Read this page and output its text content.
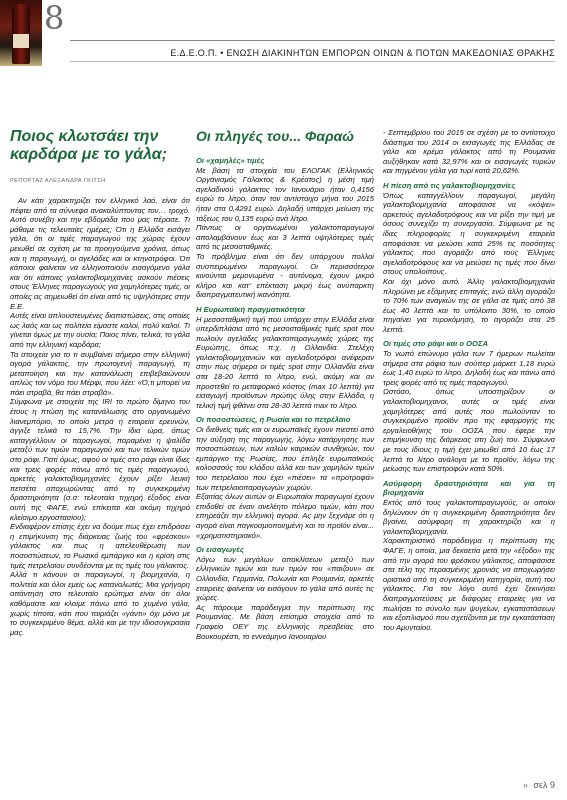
8
Ε.Δ.Ε.Ο.Π. • ΕΝΩΣΗ ΔΙΑΚΙΝΗΤΩΝ ΕΜΠΟΡΩΝ ΟΙΝΩΝ & ΠΟΤΩΝ ΜΑΚΕΔΟΝΙΑΣ ΘΡΑΚΗΣ
Ποιος κλωτσάει την καρδάρα με το γάλα;
ΡΕΠΟΡΤΑΖ ΑΛΕΞΑΝΔΡΑ ΓΚΙΤΣΗ

Αν κάτι χαρακτηρίζει τον ελληνικό λαό, είναι ότι πέφτει από τα σύννεφα ανακαλύπτοντας τον… τροχό. Αυτό συνέβη και την εβδομάδα που μας πέρασε. Τι μάθαμε τις τελευταίες ημέρες; Ότι η Ελλάδα εισάγει γάλα, ότι οι τιμές παραγωγού της χώρας έχουν μειωθεί σε σχέση με τα προηγούμενα χρόνια, όπως και η παραγωγή, οι αγελάδες και οι κτηνοτρόφοι. Ότι κάποιοι φαίνεται να ελληνοποιούν εισαγόμενο γάλα και ότι κάποιες γαλακτοβιομηχανίες ασκούν πιέσεις στους Έλληνες παραγωγούς για χαμηλότερες τιμές, οι οποίες ας σημειωθεί ότι είναι από τις υψηλότερες στην Ε.Ε.

Αυτές είναι απλουστευμένες διαπιστώσεις, στις οποίες ως λαός και ως πολίτεία είμαστε καλοί, πολύ καλοί. Τι γίνεται όμως με την ουσία; Ποιος πίνει, τελικά, το γάλα από την ελληνική καρδάρα;

Τα στοιχεία για το τι συμβαίνει σήμερα στην ελληνική αγορά γάλακτος, την πρωτογενή παραγωγή, τη μεταποίηση και την κατανάλωση επιβεβαιώνουν απλώς τον νόμο του Μέρφι, που λέει: «Ό,τι μπορεί να πάει στραβά, θα πάει στραβά».

Σύμφωνα με στοιχεία της IRI το πρώτο δίμηνο του έτους η πτώση της κατανάλωσης στο οργανωμένο λιανεμπόριο, το οποίο μετρά η εταιρεία ερευνών, άγγιξε τελικά το 15,7%. Την ίδια ώρα, όπως καταγγέλλουν οι παραγωγοί, παραμένει η ψαλίδα μεταξύ των τιμών παραγωγού και των τελικών τιμών στο ράφι. Γιατί όμως, αφού οι τιμές στο ράφι είναι ίδιες και τρεις φορές πάνω από τις τιμές παραγωγού, αρκετές γαλακτοβιομηχανίες έχουν ρίξει λευκή πετσέτα αποχωρώντας από τη συγκεκριμένη δραστηριότητα (σ.σ: τελευταία τηχηρή έξοδος είναι αυτή της ΦΑΓΕ, ενώ επίκειται και ακόμη τηχηρό κλείσιμο εργοστασίου);

Ενδιαφέρον επίσης έχει να δούμε πως έχει επιδράσει η επιμήκυνση της διάρκειας ζωής του «φρέσκου» γάλακτος και πως η απελευθέρωση των ποσοστώσεων, το Ρωσικό εμπάργκο και η κρίση στις τιμές πετρελαίου συνδέονται με τις τιμές του γάλακτος.

Αλλά τι κάνουν οι παραγωγοί, η βιομηχανία, η πολιτεία και όλοι εμείς ως καταναλωτές; Μια γρήγορη απάντηση στο τελευταίο ερώτημα είναι ότι όλοι καθόμαστε και κλαίμε πάνω από το χυμένο γάλα, χωρίς τίποτα, κάτι που ταιριάζει «γάντι» όχι μόνο με το συγκεκριμένο θέμα, αλλά και με την ιδιοσυγκρασία μας.

Οι πληγές του... Φαραώ

Οι «χαμηλές» τιμές

Με βάση τα στοιχεία του ΕΛΟΓΑΚ (Ελληνικός Οργανισμός Γάλακτος & Κρέατος) η μέση τιμή αγελαδινού γάλακτος τον Ιανουάριο ήταν 0,4156 ευρώ το λίτρο, όταν τον αντίστοιχο μήνα του 2015 ήταν στα 0,4291 ευρώ. Δηλαδή υπάρχει μείωση της τάξεως του 0,135 ευρώ ανά λίτρο.

Πάντως οι οργανωμένοι γαλακτοπαραγωγοί απολαμβάνουν έως και 3 λεπτά υψηλότερες τιμές από τις μεσοσταθμικές.

Το πρόβλημα είναι ότι δεν υπάρχουν πολλοί συσπειρωμένοι παραγωγοί. Οι περισσότεροι κινούνται μεμονωμένα - αυτόνομα, έχουν μικρό κλήρο και κατ' επέκταση μικρή έως ανύπαρκτη διαπραγματευτική ικανότητα.

Η Ευρωπαϊκή πραγματικότητα

Η μεσοσταθμική τιμή που υπάρχει στην Ελλάδα είναι υπερδιπλάσια από τις μεσοσταθμικές τιμές spot που πωλούν αγελάδες γαλακτοπαραγωγικές χώρες της Ευρώπης, όπως π.χ. η Ολλανδία. Στελέχη γαλακτοβιομηχανιών και αγελαδοτρόφοι ανέφεραν στην πως σήμερα οι τιμές spot στην Ολλανδία είναι στα 18-20 λεπτά το λίτρο, ενώ, ακόμη και αν προστεθεί το μεταφορικό κόστος (max 10 λεπτά) για εισαγωγή προϊόντων πρώτης ύλης στην Ελλάδα, η τελική τιμή φθάνει στα 28-30 λεπτά max το λίτρο.

Οι ποσοστώσεις, η Ρωσία και το πετρέλαιο

Οι διεθνείς τιμές και οι ευρωπαϊκές έχουν πιεστεί από την αύξηση της παραγωγής, λόγω κατάργησης των ποσοστώσεων, των καλών καιρικών συνθηκών, του εμπάργκο της Ρωσίας, που έπληξε ευρωπαϊκούς κολοσσούς του κλάδου αλλά και των χαμηλών τιμών του πετρελαίου που έχει «πιέσει» τα «προτροφά» των πετρελαιοπαραγωγών χωρών.

Εξαιτίας όλων αυτών οι Ευρωπαίοι παραγωγοί έχουν επιδοθεί σε έναν ανελέητο πόλεμο τιμών, κάτι που επηρεάζει την ελληνική αγορά. Ας μην ξεχνάμε ότι η αγορά είναι παγκοσμιοποιημένη και το προϊόν είναι... «χρηματιστηριακό».

Οι εισαγωγές

Λόγω των μεγάλων αποκλίσεων μεταξύ των ελληνικών τιμών και των τιμών του «παιζουν» σε Ολλανδία, Γερμανία, Πολωνία και Ρουμανία, αρκετές εταιρείες φαίνεται να εισάγουν το γάλα από αυτές τις χώρες.

Ας πάρουμε παράδειγμα την περίπτωση της Ρουμανίας. Με βάση επίσημα στοιχεία από το Γραφείο ΟΕΥ της ελληνικής πρεσβείας στο Βουκουρέστι, το εννεάμηνο Ιανουαρίου

- Σεπτεμβρίου του 2015 σε σχέση με το αντίστοιχο διάστημα του 2014 οι εισαγωγές της Ελλάδας σε γάλα και κρέμα γάλακτος από τη Ρουμανία αυξήθηκαν κατά 32,97% και οι εισαγωγές τυριών και πηγμένου γάλα για τυρί κατά 20,62%.

Η πίεση από τις γαλακτοβιομηχανίες

Όπως καταγγέλλουν παραγωγοί, μεγάλη γαλακτοβιομηχανία αποφάσισε να «κόψει» αρκετούς αγελαδοτρόφους και να ρίξει την τιμή με όσους συνεχίζει τη συνεργασία. Σύμφωνα με τις ίδιες πληροφορίες η συγκεκριμένη εταιρεία αποφάσισε να μειώσει κατά 25% τις ποσότητες γάλακτος που αγοράζει από τους Έλληνες αγελαδοτρόφους και να μειώσει τις τιμές που δίνει στους υπολοίπους.

Και όχι μόνο αυτό. Άλλη γαλακτοβιομηχανία πληρώνει με εξάμηνες επιταγές, ενώ άλλη αγοράζει το 70% των αναγκών της σε γάλα σε τιμές από 38 έως 40 λεπτά και το υπόλοιπο 30%, το οποίο πηγαίνει για τυροκόμηση, το αγοράζει στα 25 λεπτά.

Οι τιμές στο ράφι και ο ΟΟΣΑ

Το νωπό επώνυμο γάλα των 7 ήμερων πωλείται σήμερα στα ράφια των σούπερ μάρκετ 1,18 ευρώ έως 1,40 ευρώ το λίτρο. Δηλαδή έως και πάνω από τρεις φορές από τις τιμές παραγωγού.

Ωστόσο, όπως υποστηρίζουν οι γαλακτοβιομηχανοι, αυτές οι τιμές είναι χαμηλότερες από αυτές που πωλούνταν το συγκεκριμένο προϊόν προ της εφαρμογής της εργαλειοθήκης του ΟΟΣΑ που έφερε την επιμήκυνση της διάρκειας στη ζωή του. Σύμφωνα με τους ίδιους η τιμή έχει μειωθεί από 10 έως 17 λεπτά το λίτρο ανάλογα με το προϊόν, λόγω της μείωσης των επιστροφών κατά 50%.

Ασύμφορη δραστηριότητα και για τη βιομηχανία

Εκτός από τους γαλακτοπαραγωγούς, οι οποίοι δηλώνουν ότι η συγκεκριμένη δραστηριότητα δεν βγαίνει, ασύμφορη τη χαρακτηρίζει και η γαλακτοβιομηχανία.

Χαρακτηριστικό παράδειγμα η περίπτωση της ΦΑΓΕ, η οποία, μια δεκαετία μετά την «έξοδο» της από την αγορά του φρέσκου γάλακτος, αποφάσισε στα τέλη της περασμένης χρονιάς να αποχωρήσει οριστικά από τη συγκεκριμένη κατηγορία, αυτή του γάλακτος. Για τον λόγο αυτό έχει ξεκινήσει διαπραγματεύσεις με διάφορες εταιρείες για να πωλήσει το σύνολο των ψυγείων, εγκαταστάσεων και εξοπλισμού που σχετίζονται με την εγκατάσταση του Αμυνταίου.

» σελ 9
